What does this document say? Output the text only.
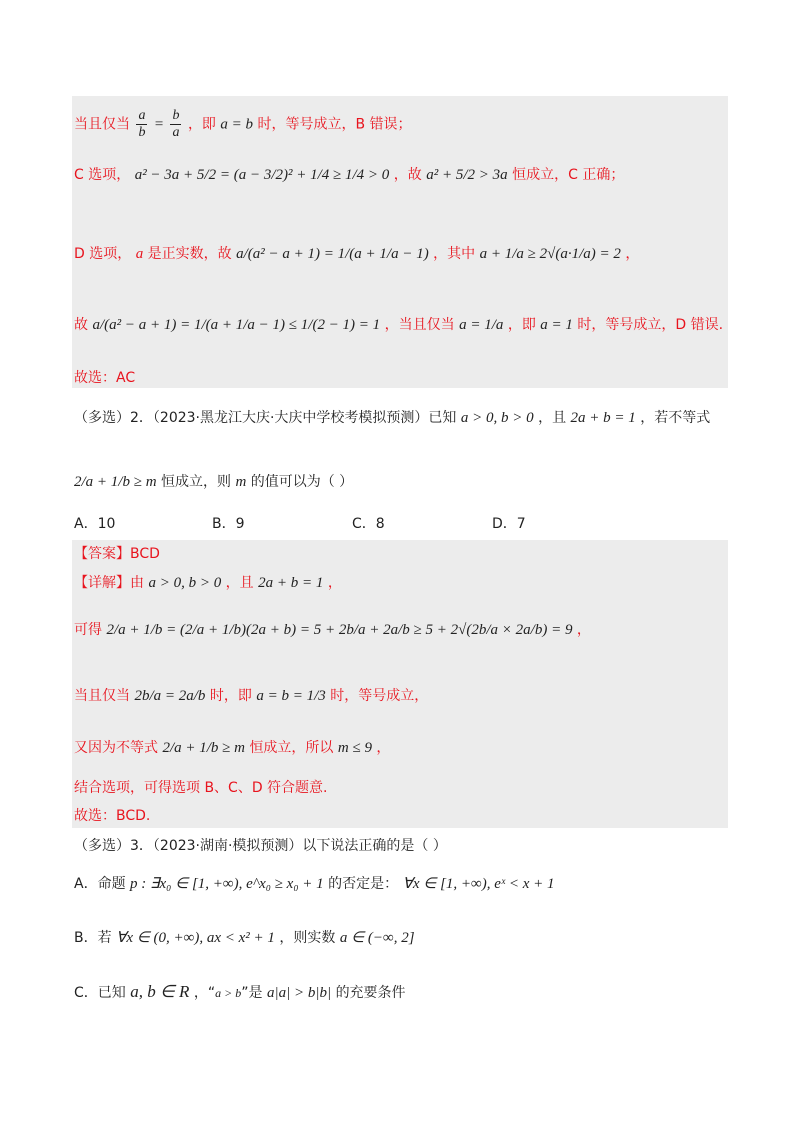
当且仅当 $\frac{a}{b} = \frac{b}{a}$ ，即 a = b 时，等号成立，B 错误；
C 选项， a² − 3a + 5/2 = (a − 3/2)² + 1/4 ≥ 1/4 > 0 ，故 a² + 5/2 > 3a 恒成立，C 正确；
D 选项， a 是正实数，故 a/(a² − a + 1) = 1/(a + 1/a − 1) ，其中 a + 1/a ≥ 2√(a·1/a) = 2 ，
故 a/(a² − a + 1) = 1/(a + 1/a − 1) ≤ 1/(2 − 1) = 1 ，当且仅当 a = 1/a ，即 a = 1 时，等号成立，D 错误.
故选：AC
（多选）2．（2023·黑龙江大庆·大庆中学校考模拟预测）已知 a > 0, b > 0 ，且 2a + b = 1 ，若不等式
2/a + 1/b ≥ m 恒成立，则 m 的值可以为（ ）
A．10	B．9	C．8	D．7
【答案】BCD
【详解】由 a > 0, b > 0 ，且 2a + b = 1 ，
可得 2/a + 1/b = (2/a + 1/b)(2a + b) = 5 + 2b/a + 2a/b ≥ 5 + 2√(2b/a × 2a/b) = 9 ，
当且仅当 2b/a = 2a/b 时，即 a = b = 1/3 时，等号成立，
又因为不等式 2/a + 1/b ≥ m 恒成立，所以 m ≤ 9 ，
结合选项，可得选项 B、C、D 符合题意.
故选：BCD.
（多选）3．（2023·湖南·模拟预测）以下说法正确的是（ ）
A．命题 p : ∃x₀ ∈ [1, +∞), e^x₀ ≥ x₀ + 1 的否定是： ∀x ∈ [1, +∞), eˣ < x + 1
B．若 ∀x ∈ (0, +∞), ax < x² + 1 ，则实数 a ∈ (−∞, 2]
C．已知 a, b ∈ R ，“a > b”是 a|a| > b|b| 的充要条件
